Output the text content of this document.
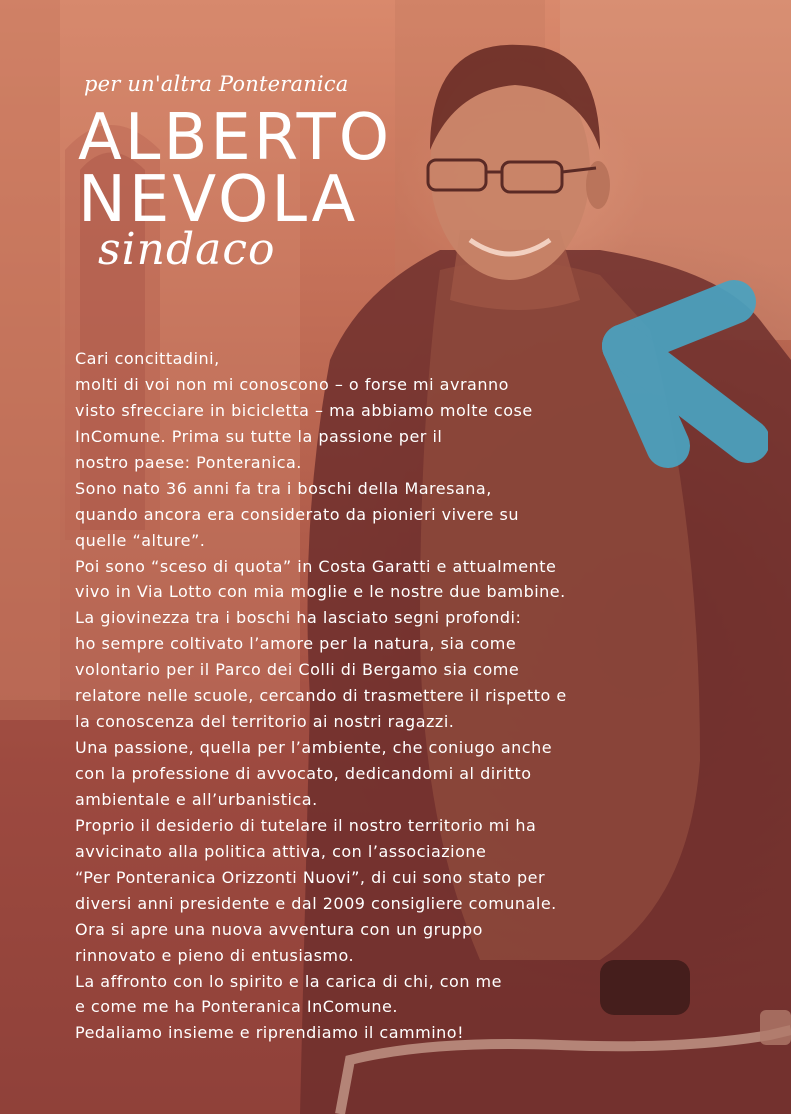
per un'altra Ponteranica

ALBERTO
NEVOLA

sindaco

Cari concittadini,
molti di voi non mi conoscono – o forse mi avranno
visto sfrecciare in bicicletta – ma abbiamo molte cose
InComune. Prima su tutte la passione per il
nostro paese: Ponteranica.
Sono nato 36 anni fa tra i boschi della Maresana,
quando ancora era considerato da pionieri vivere su
quelle “alture”.
Poi sono “sceso di quota” in Costa Garatti e attualmente
vivo in Via Lotto con mia moglie e le nostre due bambine.
La giovinezza tra i boschi ha lasciato segni profondi:
ho sempre coltivato l’amore per la natura, sia come
volontario per il Parco dei Colli di Bergamo sia come
relatore nelle scuole, cercando di trasmettere il rispetto e
la conoscenza del territorio ai nostri ragazzi.
Una passione, quella per l’ambiente, che coniugo anche
con la professione di avvocato, dedicandomi al diritto
ambientale e all’urbanistica.
Proprio il desiderio di tutelare il nostro territorio mi ha
avvicinato alla politica attiva, con l’associazione
“Per Ponteranica Orizzonti Nuovi”, di cui sono stato per
diversi anni presidente e dal 2009 consigliere comunale.
Ora si apre una nuova avventura con un gruppo
rinnovato e pieno di entusiasmo.
La affronto con lo spirito e la carica di chi, con me
e come me ha Ponteranica InComune.
Pedaliamo insieme e riprendiamo il cammino!
